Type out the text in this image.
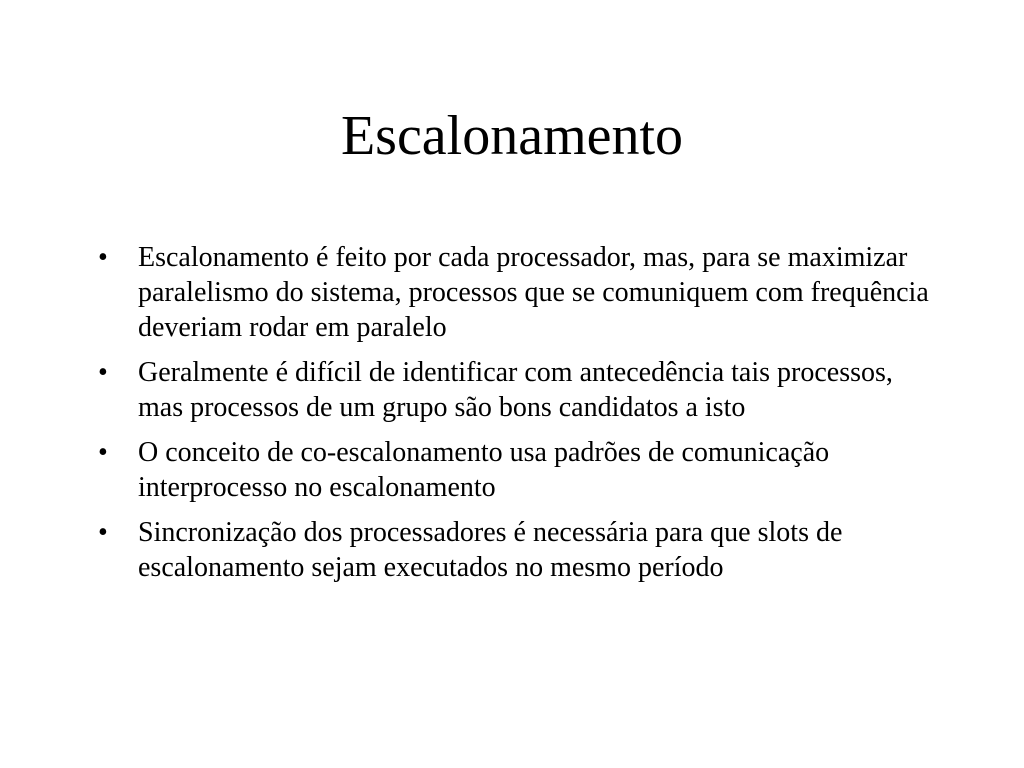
Escalonamento
•	Escalonamento é feito por cada processador, mas, para se maximizar paralelismo do sistema, processos que se comuniquem com frequência deveriam rodar em paralelo
•	Geralmente é difícil de identificar com antecedência tais processos, mas processos de um grupo são bons candidatos a isto
•	O conceito de co-escalonamento usa padrões de comunicação interprocesso no escalonamento
•	Sincronização dos processadores é necessária para que slots de escalonamento sejam executados no mesmo período
